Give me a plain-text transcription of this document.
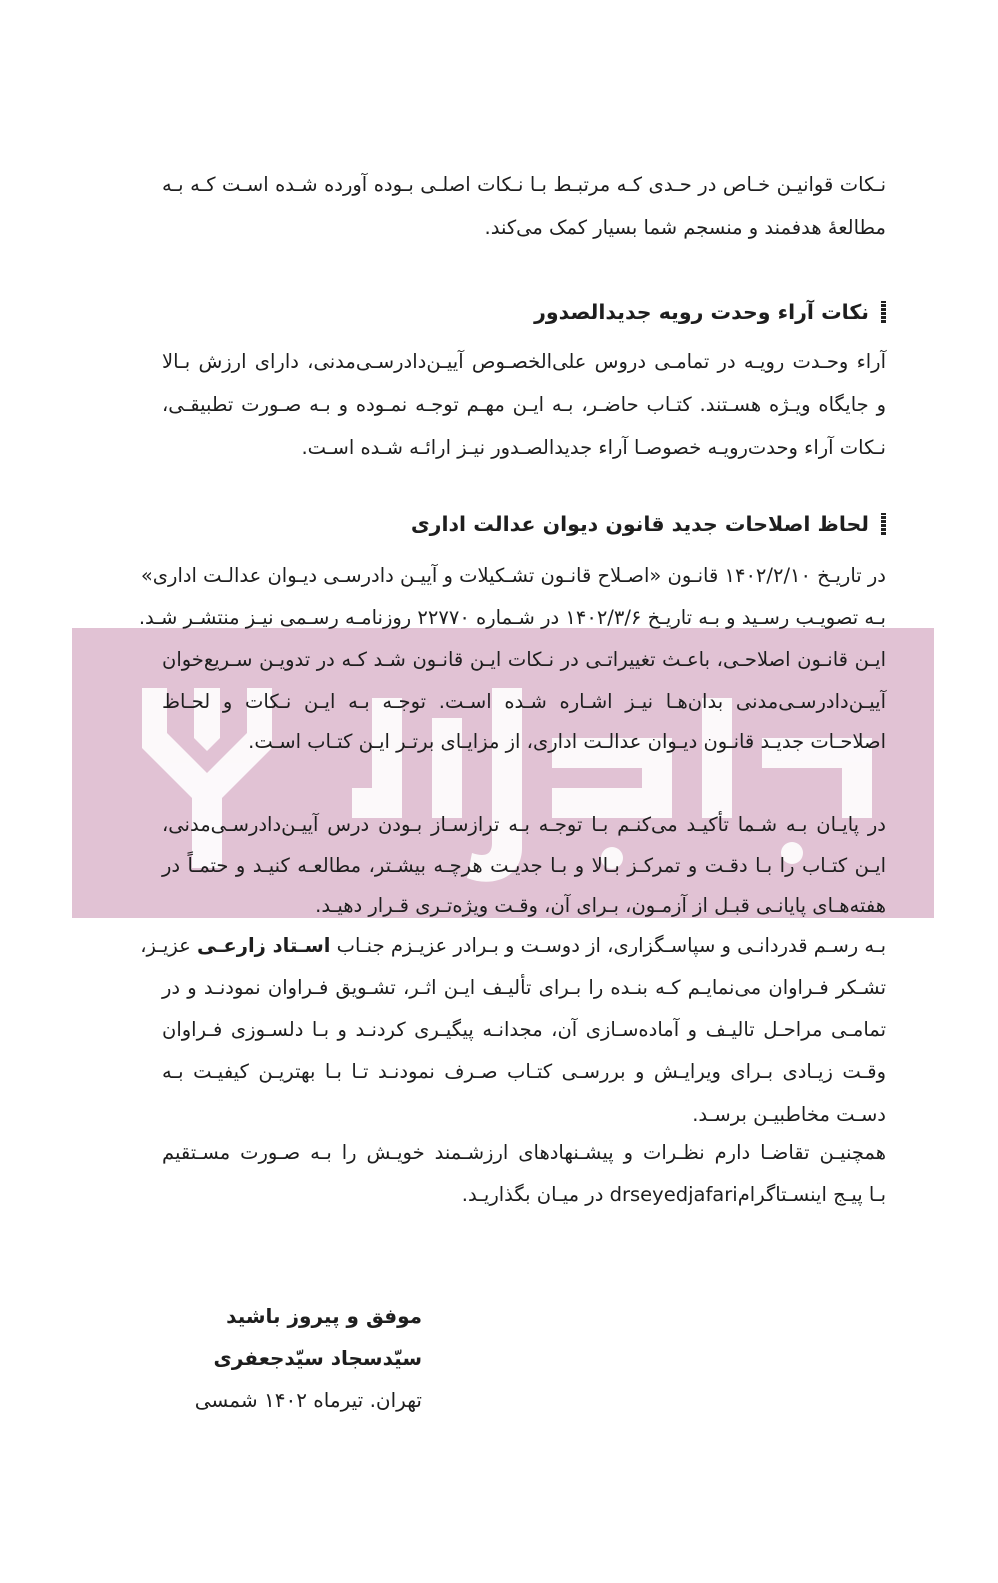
نـکات قوانیـن خـاص در حـدی کـه مرتبـط بـا نـکات اصلـی بـوده آورده شـده اسـت کـه بـه
مطالعهٔ هدفمند و منسجم شما بسیار کمک می‌کند.
نکات آراء وحدت رویه جدیدالصدور
آراء وحـدت رویـه در تمامـی دروس علی‌الخصـوص آییـن‌دادرسـی‌مدنی، دارای ارزش بـالا
و جایگاه ویـژه هسـتند. کتـاب حاضـر، بـه ایـن مهـم توجـه نمـوده و بـه صـورت تطبیقـی،
نـکات آراء وحدت‌رویـه خصوصـا آراء جدیدالصـدور نیـز ارائـه شـده اسـت.
لحاظ اصلاحات جدید قانون دیوان عدالت اداری
در تاریـخ ۱۴۰۲/۲/۱۰ قانـون «اصـلاح قانـون تشـکیلات و آییـن دادرسـی دیـوان عدالـت اداری»
بـه تصویـب رسـید و بـه تاریـخ ۱۴۰۲/۳/۶ در شـماره ۲۲۷۷۰ روزنامـه رسـمی نیـز منتشـر شـد.
ایـن قانـون اصلاحـی، باعـث تغییراتـی در نـکات ایـن قانـون شـد کـه در تدویـن سـریع‌خوان
آییـن‌دادرسـی‌مدنی بدان‌هـا نیـز اشـاره شـده اسـت. توجـه بـه ایـن نـکات و لحـاظ
اصلاحـات جدیـد قانـون دیـوان عدالـت اداری، از مزایـای برتـر ایـن کتـاب اسـت.
در پایـان بـه شـما تأکیـد می‌کنـم بـا توجـه بـه ترازسـاز بـودن درس آییـن‌دادرسـی‌مدنی،
ایـن کتـاب را بـا دقـت و تمرکـز بـالا و بـا جدیـت هرچـه بیشـتر، مطالعـه کنیـد و حتمـاً در
هفته‌هـای پایانـی قبـل از آزمـون، بـرای آن، وقـت ویژه‌تـری قـرار دهیـد.
بـه رسـم قدردانـی و سپاسـگزاری، از دوسـت و بـرادر عزیـزم جنـاب اسـتاد زارعـی عزیـز،
تشـکر فـراوان می‌نمایـم کـه بنـده را بـرای تألیـف ایـن اثـر، تشـویق فـراوان نمودنـد و در
تمامـی مراحـل تالیـف و آماده‌سـازی آن، مجدانـه پیگیـری کردنـد و بـا دلسـوزی فـراوان
وقـت زیـادی بـرای ویرایـش و بررسـی کتـاب صـرف نمودنـد تـا بـا بهتریـن کیفیـت بـه
دسـت مخاطبیـن برسـد.
همچنیـن تقاضـا دارم نظـرات و پیشـنهادهای ارزشـمند خویـش را بـه صـورت مسـتقیم
بـا پیـج اینسـتاگرامdrseyedjafari در میـان بگذاریـد.
موفق و پیروز باشید
سیّدسجاد سیّدجعفری
تهران. تیرماه ۱۴۰۲ شمسی
